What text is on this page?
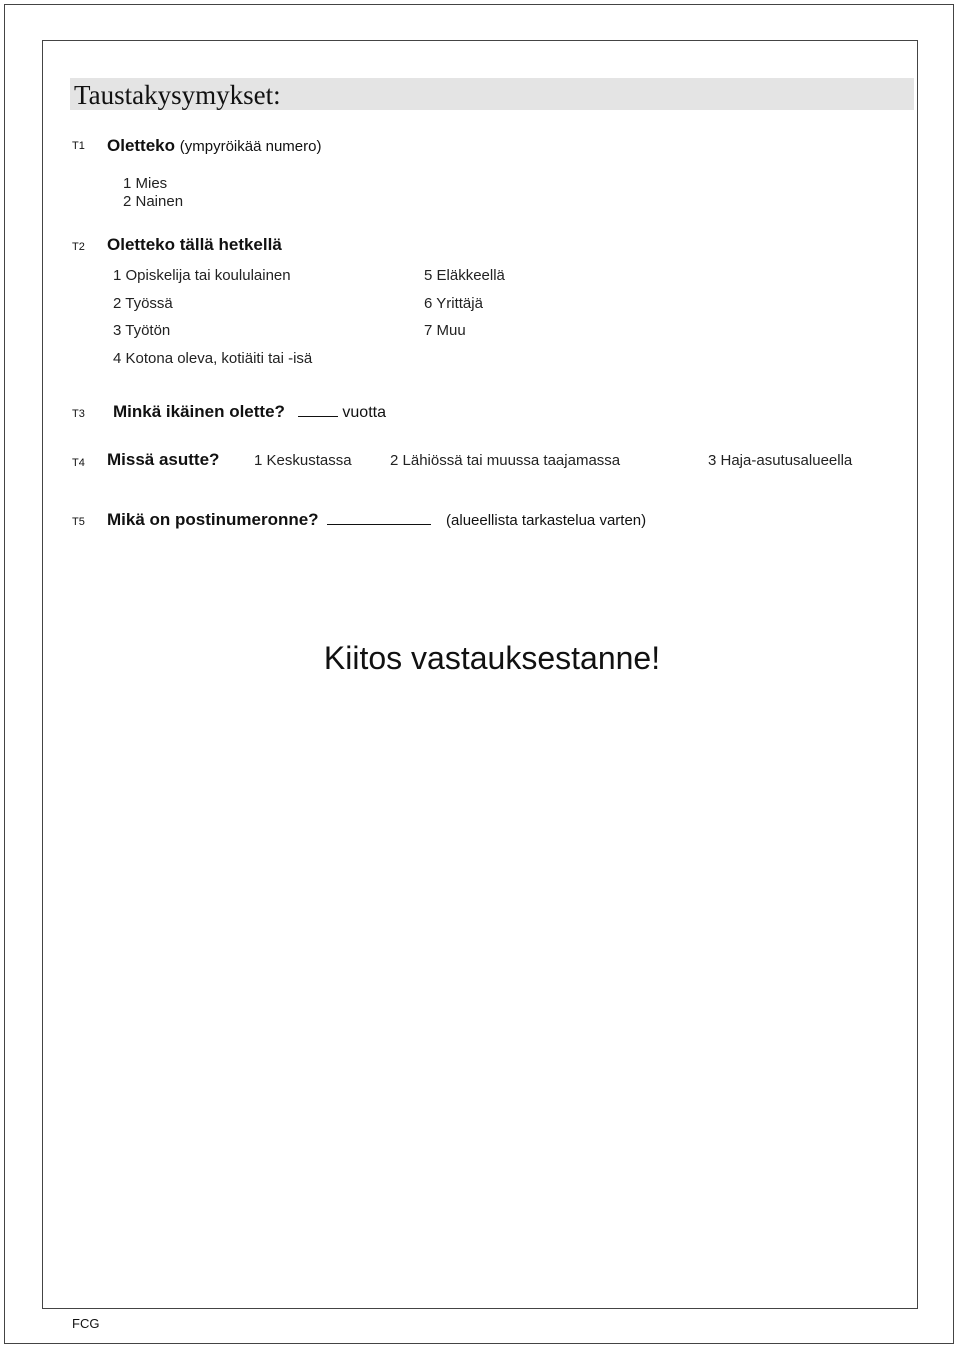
Taustakysymykset:
T1 Oletteko (ympyröikää numero)
1 Mies
2 Nainen
T2 Oletteko tällä hetkellä
1 Opiskelija tai koululainen
2 Työssä
3 Työtön
4 Kotona oleva, kotiäiti tai -isä
5 Eläkkeellä
6 Yrittäjä
7 Muu
T3 Minkä ikäinen olette?	vuotta
T4 Missä asutte? 1 Keskustassa	2 Lähiössä tai muussa taajamassa	3 Haja-asutusalueella
T5 Mikä on postinumeronne?	(alueellista tarkastelua varten)
Kiitos vastauksestanne!
FCG
